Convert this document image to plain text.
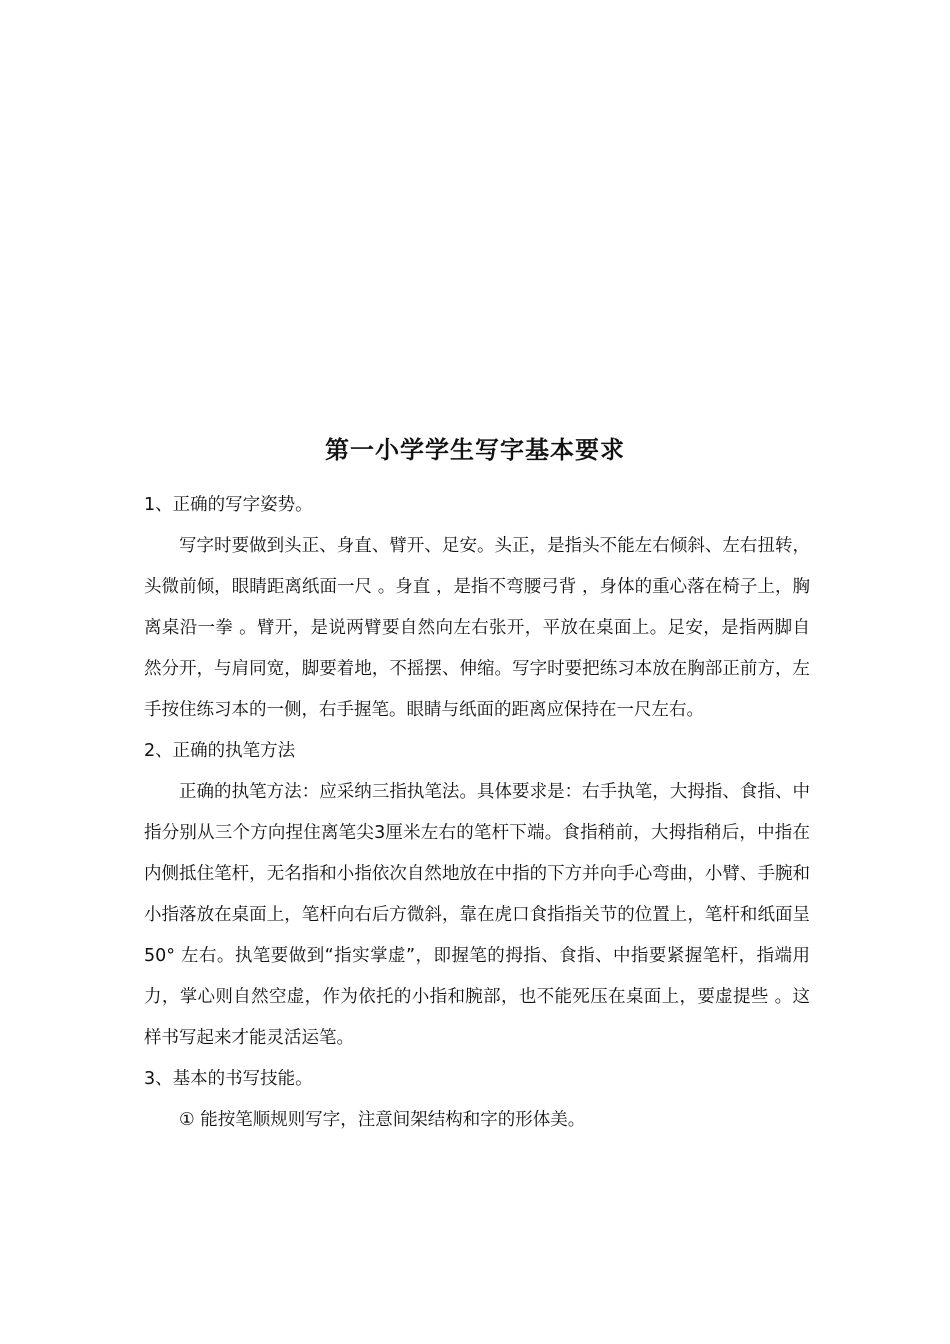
第一小学学生写字基本要求

1、正确的写字姿势。

写字时要做到头正、身直、臂开、足安。头正，是指头不能左右倾斜、左右扭转，头微前倾，眼睛距离纸面一尺 。身直 ，是指不弯腰弓背 ，身体的重心落在椅子上，胸离桌沿一拳 。臂开，是说两臂要自然向左右张开，平放在桌面上。足安，是指两脚自然分开，与肩同宽，脚要着地，不摇摆、伸缩。写字时要把练习本放在胸部正前方，左手按住练习本的一侧，右手握笔。眼睛与纸面的距离应保持在一尺左右。

2、正确的执笔方法

正确的执笔方法：应采纳三指执笔法。具体要求是：右手执笔，大拇指、食指、中指分别从三个方向捏住离笔尖3厘米左右的笔杆下端。食指稍前，大拇指稍后，中指在内侧抵住笔杆，无名指和小指依次自然地放在中指的下方并向手心弯曲，小臂、手腕和小指落放在桌面上，笔杆向右后方微斜，靠在虎口食指指关节的位置上，笔杆和纸面呈 50° 左右。执笔要做到“指实掌虚”，即握笔的拇指、食指、中指要紧握笔杆，指端用力，掌心则自然空虚，作为依托的小指和腕部，也不能死压在桌面上，要虚提些 。这样书写起来才能灵活运笔。

3、基本的书写技能。

① 能按笔顺规则写字，注意间架结构和字的形体美。
